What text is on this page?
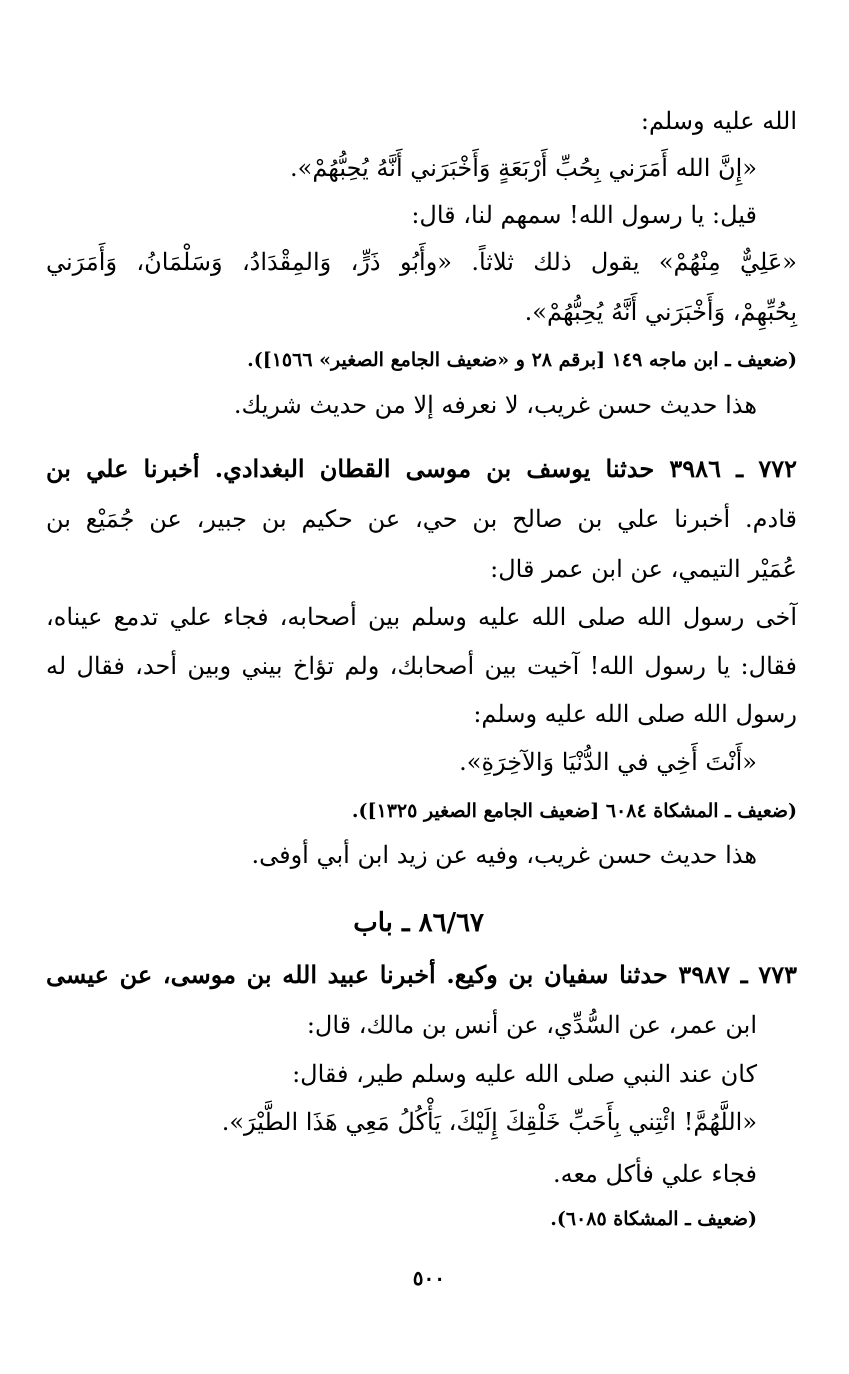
الله عليه وسلم:
«إِنَّ الله أَمَرَني بِحُبِّ أَرْبَعَةٍ وَأَخْبَرَني أَنَّهُ يُحِبُّهُمْ».
قيل: يا رسول الله! سمهم لنا، قال:
«عَلِيٌّ مِنْهُمْ» يقول ذلك ثلاثاً. «وأَبُو ذَرٍّ، وَالمِقْدَادُ، وَسَلْمَانُ، وَأَمَرَني
بِحُبِّهِمْ، وَأَخْبَرَني أَنَّهُ يُحِبُّهُمْ».
(ضعيف ـ ابن ماجه ١٤٩ [برقم ٢٨ و «ضعيف الجامع الصغير» ١٥٦٦]).
هذا حديث حسن غريب، لا نعرفه إلا من حديث شريك.
٧٧٢ ـ ٣٩٨٦ حدثنا يوسف بن موسى القطان البغدادي. أخبرنا علي بن
قادم. أخبرنا علي بن صالح بن حي، عن حكيم بن جبير، عن جُمَيْع بن
عُمَيْر التيمي، عن ابن عمر قال:
آخى رسول الله صلى الله عليه وسلم بين أصحابه، فجاء علي تدمع عيناه،
فقال: يا رسول الله! آخيت بين أصحابك، ولم تؤاخ بيني وبين أحد، فقال له
رسول الله صلى الله عليه وسلم:
«أَنْتَ أَخِي في الدُّنْيَا وَالآخِرَةِ».
(ضعيف ـ المشكاة ٦٠٨٤ [ضعيف الجامع الصغير ١٣٢٥]).
هذا حديث حسن غريب، وفيه عن زيد ابن أبي أوفى.
٨٦/٦٧ ـ باب
٧٧٣ ـ ٣٩٨٧ حدثنا سفيان بن وكيع. أخبرنا عبيد الله بن موسى، عن عيسى
ابن عمر، عن السُّدِّي، عن أنس بن مالك، قال:
كان عند النبي صلى الله عليه وسلم طير، فقال:
«اللَّهُمَّ! ائْتِني بِأَحَبِّ خَلْقِكَ إِلَيْكَ، يَأْكُلُ مَعِي هَذَا الطَّيْرَ».
فجاء علي فأكل معه.
(ضعيف ـ المشكاة ٦٠٨٥).
٥٠٠
